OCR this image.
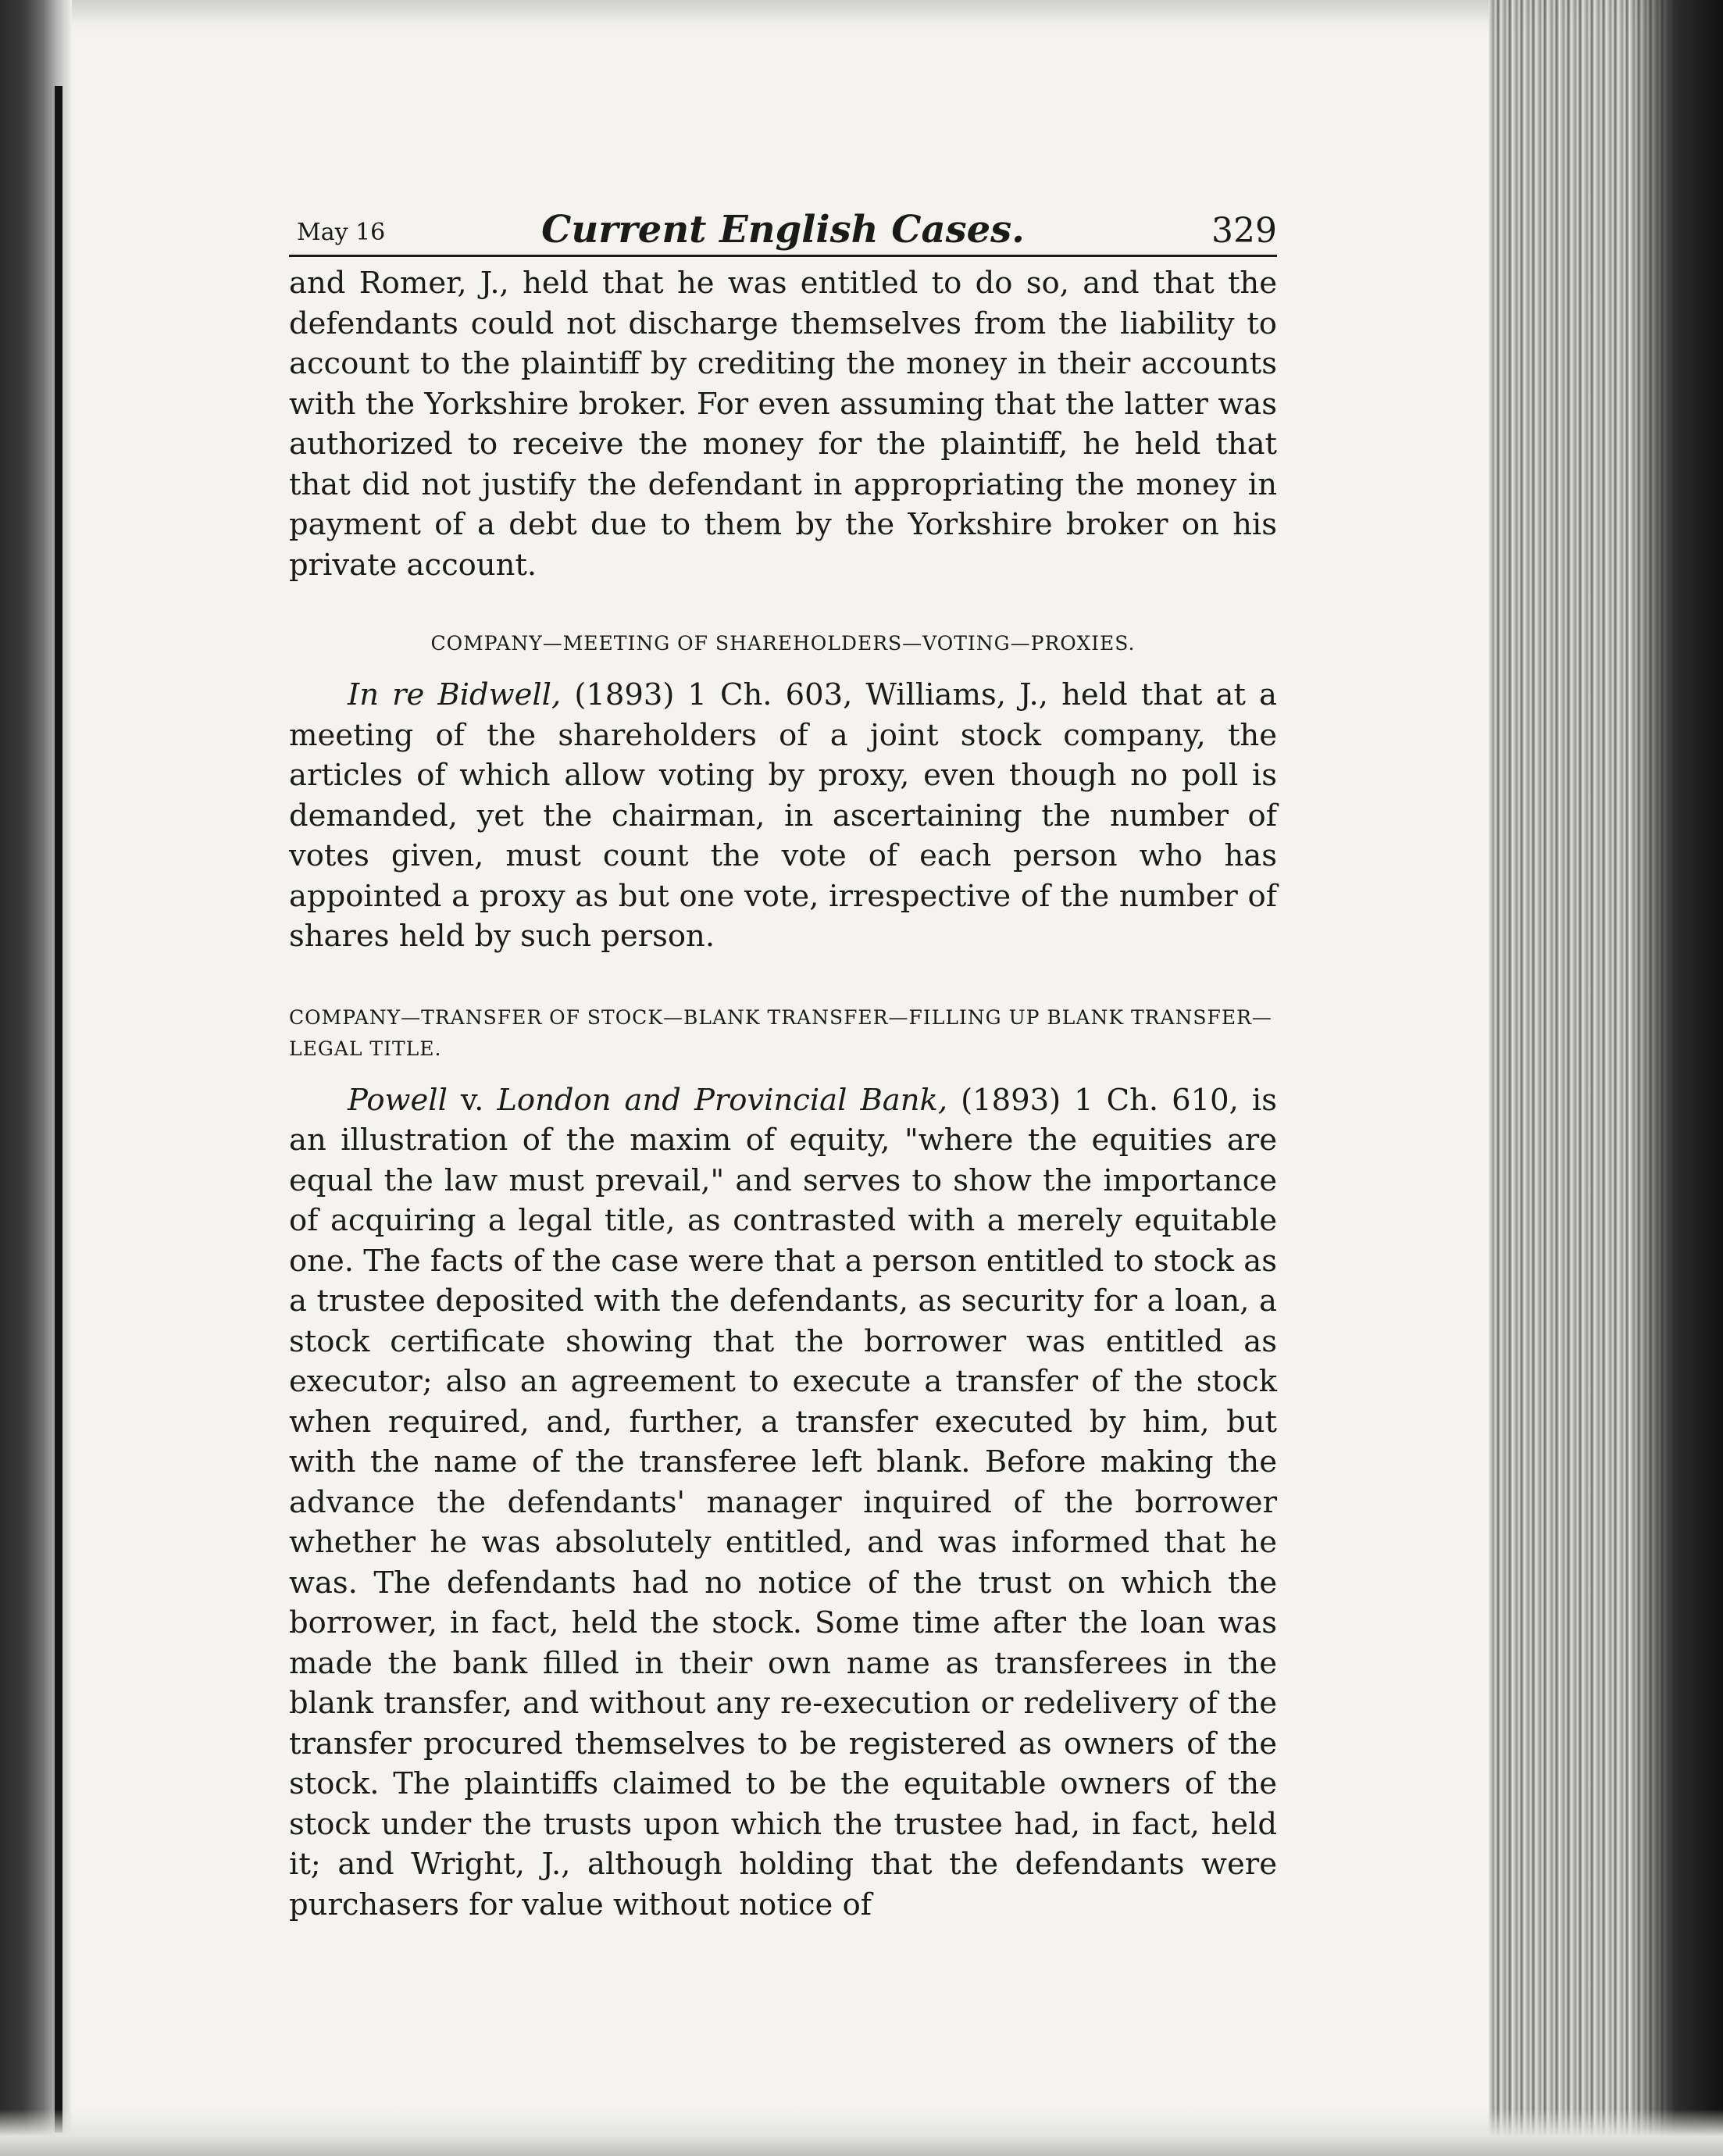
May 16	Current English Cases.	329

and Romer, J., held that he was entitled to do so, and that the defendants could not discharge themselves from the liability to account to the plaintiff by crediting the money in their accounts with the Yorkshire broker. For even assuming that the latter was authorized to receive the money for the plaintiff, he held that that did not justify the defendant in appropriating the money in payment of a debt due to them by the Yorkshire broker on his private account.

COMPANY—MEETING OF SHAREHOLDERS—VOTING—PROXIES.

In re Bidwell, (1893) 1 Ch. 603, Williams, J., held that at a meeting of the shareholders of a joint stock company, the articles of which allow voting by proxy, even though no poll is demanded, yet the chairman, in ascertaining the number of votes given, must count the vote of each person who has appointed a proxy as but one vote, irrespective of the number of shares held by such person.

COMPANY—TRANSFER OF STOCK—BLANK TRANSFER—FILLING UP BLANK TRANSFER—LEGAL TITLE.

Powell v. London and Provincial Bank, (1893) 1 Ch. 610, is an illustration of the maxim of equity, "where the equities are equal the law must prevail," and serves to show the importance of acquiring a legal title, as contrasted with a merely equitable one. The facts of the case were that a person entitled to stock as a trustee deposited with the defendants, as security for a loan, a stock certificate showing that the borrower was entitled as executor; also an agreement to execute a transfer of the stock when required, and, further, a transfer executed by him, but with the name of the transferee left blank. Before making the advance the defendants' manager inquired of the borrower whether he was absolutely entitled, and was informed that he was. The defendants had no notice of the trust on which the borrower, in fact, held the stock. Some time after the loan was made the bank filled in their own name as transferees in the blank transfer, and without any re-execution or redelivery of the transfer procured themselves to be registered as owners of the stock. The plaintiffs claimed to be the equitable owners of the stock under the trusts upon which the trustee had, in fact, held it; and Wright, J., although holding that the defendants were purchasers for value without notice of
